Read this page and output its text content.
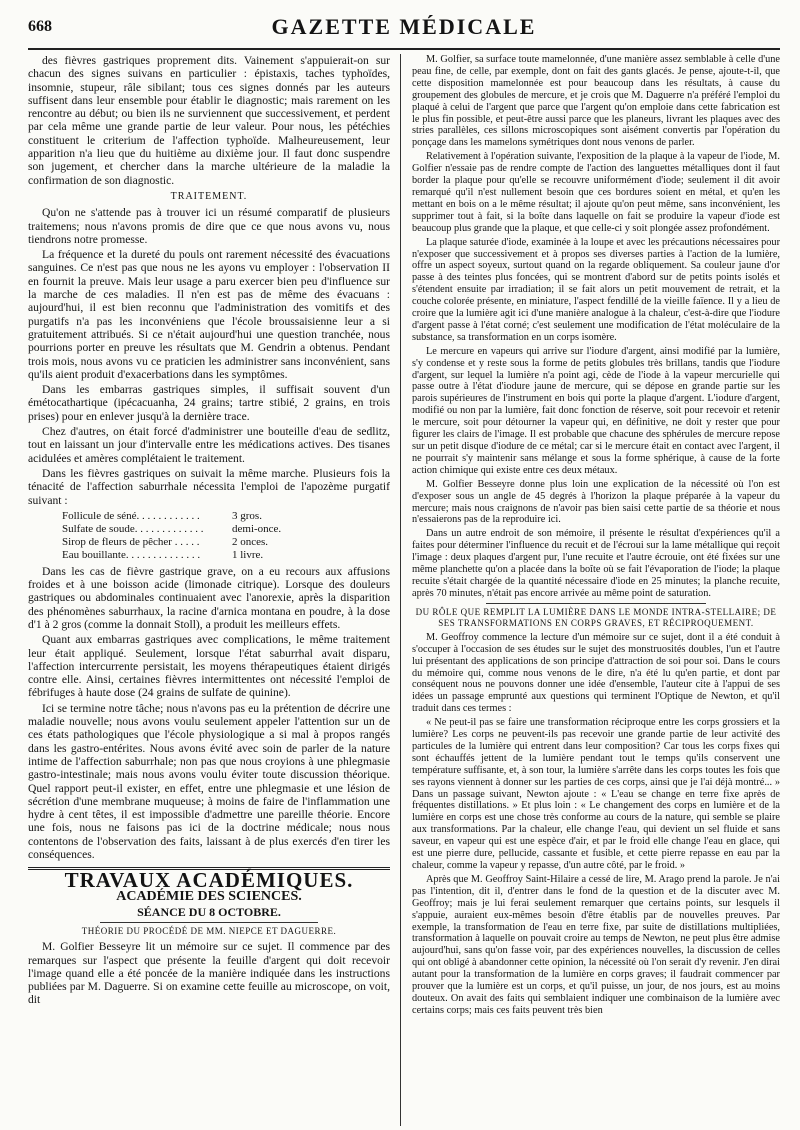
668	GAZETTE MÉDICALE

des fièvres gastriques proprement dits. Vainement s'appuierait-on sur chacun des signes suivans en particulier : épistaxis, taches typhoïdes, insomnie, stupeur, râle sibilant; tous ces signes donnés par les auteurs suffisent dans leur ensemble pour établir le diagnostic; mais rarement on les rencontre au début; ou bien ils ne surviennent que successivement, et perdent par cela même une grande partie de leur valeur. Pour nous, les pétéchies constituent le criterium de l'affection typhoïde. Malheureusement, leur apparition n'a lieu que du huitième au dixième jour. Il faut donc suspendre son jugement, et chercher dans la marche ultérieure de la maladie la confirmation de son diagnostic.

TRAITEMENT.

Qu'on ne s'attende pas à trouver ici un résumé comparatif de plusieurs traitemens; nous n'avons promis de dire que ce que nous avons vu, nous tiendrons notre promesse.

La fréquence et la dureté du pouls ont rarement nécessité des évacuations sanguines. Ce n'est pas que nous ne les ayons vu employer : l'observation II en fournit la preuve. Mais leur usage a paru exercer bien peu d'influence sur la marche de ces maladies. Il n'en est pas de même des évacuans : aujourd'hui, il est bien reconnu que l'administration des vomitifs et des purgatifs n'a pas les inconvéniens que l'école broussaisienne leur a si gratuitement attribués. Si ce n'était aujourd'hui une question tranchée, nous pourrions porter en preuve les résultats que M. Gendrin a obtenus. Pendant trois mois, nous avons vu ce praticien les administrer sans inconvénient, sans qu'ils aient produit d'exacerbations dans les symptômes.

Dans les embarras gastriques simples, il suffisait souvent d'un émétocathartique (ipécacuanha, 24 grains; tartre stibié, 2 grains, en trois prises) pour en enlever jusqu'à la dernière trace.

Chez d'autres, on était forcé d'administrer une bouteille d'eau de sedlitz, tout en laissant un jour d'intervalle entre les médications actives. Des tisanes acidulées et amères complétaient le traitement.

Dans les fièvres gastriques on suivait la même marche. Plusieurs fois la ténacité de l'affection saburrhale nécessita l'emploi de l'apozème purgatif suivant :

Follicule de séné. . . . . . . . . . . .	3 gros.
Sulfate de soude. . . . . . . . . . . . .	demi-once.
Sirop de fleurs de pêcher . . . . .	2 onces.
Eau bouillante. . . . . . . . . . . . . .	1 livre.

Dans les cas de fièvre gastrique grave, on a eu recours aux affusions froides et à une boisson acide (limonade citrique). Lorsque des douleurs gastriques ou abdominales continuaient avec l'anorexie, après la disparition des phénomènes saburrhaux, la racine d'arnica montana en poudre, à la dose d'1 à 2 gros (comme la donnait Stoll), a produit les meilleurs effets.

Quant aux embarras gastriques avec complications, le même traitement leur était appliqué. Seulement, lorsque l'état saburrhal avait disparu, l'affection intercurrente persistait, les moyens thérapeutiques étaient dirigés contre elle. Ainsi, certaines fièvres intermittentes ont nécessité l'emploi de fébrifuges à haute dose (24 grains de sulfate de quinine).

Ici se termine notre tâche; nous n'avons pas eu la prétention de décrire une maladie nouvelle; nous avons voulu seulement appeler l'attention sur un de ces états pathologiques que l'école physiologique a si mal à propos rangés dans les gastro-entérites. Nous avons évité avec soin de parler de la nature intime de l'affection saburrhale; non pas que nous croyions à une phlegmasie gastro-intestinale; mais nous avons voulu éviter toute discussion théorique. Quel rapport peut-il exister, en effet, entre une phlegmasie et une lésion de sécrétion d'une membrane muqueuse; à moins de faire de l'inflammation une hydre à cent têtes, il est impossible d'admettre une pareille théorie. Encore une fois, nous ne faisons pas ici de la doctrine médicale; nous nous contentons de l'observation des faits, laissant à de plus exercés d'en tirer les conséquences.

TRAVAUX ACADÉMIQUES.
ACADÉMIE DES SCIENCES.
SÉANCE DU 8 OCTOBRE.
THÉORIE DU PROCÉDÉ DE MM. NIEPCE ET DAGUERRE.

M. Golfier Besseyre lit un mémoire sur ce sujet. Il commence par des remarques sur l'aspect que présente la feuille d'argent qui doit recevoir l'image quand elle a été poncée de la manière indiquée dans les instructions publiées par M. Daguerre. Si on examine cette feuille au microscope, on voit, dit

M. Golfier, sa surface toute mamelonnée, d'une manière assez semblable à celle d'une peau fine, de celle, par exemple, dont on fait des gants glacés. Je pense, ajoute-t-il, que cette disposition mamelonnée est pour beaucoup dans les résultats, à cause du groupement des globules de mercure, et je crois que M. Daguerre n'a préféré l'emploi du plaqué à celui de l'argent que parce que l'argent qu'on emploie dans cette fabrication est le plus fin possible, et peut-être aussi parce que les planeurs, livrant les plaques avec des stries parallèles, ces sillons microscopiques sont aisément convertis par l'opération du ponçage dans les mamelons symétriques dont nous venons de parler.

Relativement à l'opération suivante, l'exposition de la plaque à la vapeur de l'iode, M. Golfier n'essaie pas de rendre compte de l'action des languettes métalliques dont il faut border la plaque pour qu'elle se recouvre uniformément d'iode; seulement il dit avoir remarqué qu'il n'est nullement besoin que ces bordures soient en métal, et qu'en les mettant en bois on a le même résultat; il ajoute qu'on peut même, sans inconvénient, les supprimer tout à fait, si la boîte dans laquelle on fait se produire la vapeur d'iode est beaucoup plus grande que la plaque, et que celle-ci y soit plongée assez profondément.

La plaque saturée d'iode, examinée à la loupe et avec les précautions nécessaires pour n'exposer que successivement et à propos ses diverses parties à l'action de la lumière, offre un aspect soyeux, surtout quand on la regarde obliquement. Sa couleur jaune d'or passe à des teintes plus foncées, qui se montrent d'abord sur de petits points isolés et s'étendent ensuite par irradiation; il se fait alors un petit mouvement de retrait, et la couche colorée présente, en miniature, l'aspect fendillé de la vieille faïence. Il y a lieu de croire que la lumière agit ici d'une manière analogue à la chaleur, c'est-à-dire que l'iodure d'argent passe à l'état corné; c'est seulement une modification de l'état moléculaire de la substance, sa transformation en un corps isomère.

Le mercure en vapeurs qui arrive sur l'iodure d'argent, ainsi modifié par la lumière, s'y condense et y reste sous la forme de petits globules très brillans, tandis que l'iodure d'argent, sur lequel la lumière n'a point agi, cède de l'iode à la vapeur mercurielle qui passe outre à l'état d'iodure jaune de mercure, qui se dépose en grande partie sur les parois supérieures de l'instrument en bois qui porte la plaque d'argent. L'iodure d'argent, modifié ou non par la lumière, fait donc fonction de réserve, soit pour recevoir et retenir le mercure, soit pour détourner la vapeur qui, en définitive, ne doit y rester que pour figurer les clairs de l'image. Il est probable que chacune des sphérules de mercure repose sur un petit disque d'iodure de ce métal; car si le mercure était en contact avec l'argent, il ne pourrait s'y maintenir sans mélange et sous la forme sphérique, à cause de la forte action chimique qui existe entre ces deux métaux.

M. Golfier Besseyre donne plus loin une explication de la nécessité où l'on est d'exposer sous un angle de 45 degrés à l'horizon la plaque préparée à la vapeur du mercure; mais nous craignons de n'avoir pas bien saisi cette partie de sa théorie et nous n'essaierons pas de la reproduire ici.

Dans un autre endroit de son mémoire, il présente le résultat d'expériences qu'il a faites pour déterminer l'influence du recuit et de l'écroui sur la lame métallique qui reçoit l'image : deux plaques d'argent pur, l'une recuite et l'autre écrouie, ont été fixées sur une même planchette qu'on a placée dans la boîte où se fait l'évaporation de l'iode; la plaque recuite s'était chargée de la quantité nécessaire d'iode en 25 minutes; la planche recuite, après 70 minutes, n'était pas encore arrivée au même point de saturation.

DU RÔLE QUE REMPLIT LA LUMIÈRE DANS LE MONDE INTRA-STELLAIRE; DE SES TRANSFORMATIONS EN CORPS GRAVES, ET RÉCIPROQUEMENT.

M. Geoffroy commence la lecture d'un mémoire sur ce sujet, dont il a été conduit à s'occuper à l'occasion de ses études sur le sujet des monstruosités doubles, l'un et l'autre lui présentant des applications de son principe d'attraction de soi pour soi. Dans le cours du mémoire qui, comme nous venons de le dire, n'a été lu qu'en partie, et dont par conséquent nous ne pouvons donner une idée d'ensemble, l'auteur cite à l'appui de ses idées un passage emprunté aux questions qui terminent l'Optique de Newton, et qu'il traduit dans ces termes :

« Ne peut-il pas se faire une transformation réciproque entre les corps grossiers et la lumière? Les corps ne peuvent-ils pas recevoir une grande partie de leur activité des particules de la lumière qui entrent dans leur composition? Car tous les corps fixes qui sont échauffés jettent de la lumière pendant tout le temps qu'ils conservent une température suffisante, et, à son tour, la lumière s'arrête dans les corps toutes les fois que ses rayons viennent à donner sur les parties de ces corps, ainsi que je l'ai déjà montré... » Dans un passage suivant, Newton ajoute : « L'eau se change en terre fixe après de fréquentes distillations. » Et plus loin : « Le changement des corps en lumière et de la lumière en corps est une chose très conforme au cours de la nature, qui semble se plaire aux transformations. Par la chaleur, elle change l'eau, qui devient un sel fluide et sans saveur, en vapeur qui est une espèce d'air, et par le froid elle change l'eau en glace, qui est une pierre dure, pellucide, cassante et fusible, et cette pierre repasse en eau par la chaleur, comme la vapeur y repasse, d'un autre côté, par le froid. »

Après que M. Geoffroy Saint-Hilaire a cessé de lire, M. Arago prend la parole. Je n'ai pas l'intention, dit il, d'entrer dans le fond de la question et de la discuter avec M. Geoffroy; mais je lui ferai seulement remarquer que certains points, sur lesquels il s'appuie, auraient eux-mêmes besoin d'être établis par de nouvelles preuves. Par exemple, la transformation de l'eau en terre fixe, par suite de distillations multipliées, transformation à laquelle on pouvait croire au temps de Newton, ne peut plus être admise aujourd'hui, sans qu'on fasse voir, par des expériences nouvelles, la discussion de celles qui ont obligé à abandonner cette opinion, la nécessité où l'on serait d'y revenir. J'en dirai autant pour la transformation de la lumière en corps graves; il faudrait commencer par prouver que la lumière est un corps, et qu'il puisse, un jour, de nos jours, est au moins douteux. On avait des faits qui semblaient indiquer une combinaison de la lumière avec certains corps; mais ces faits peuvent très bien
